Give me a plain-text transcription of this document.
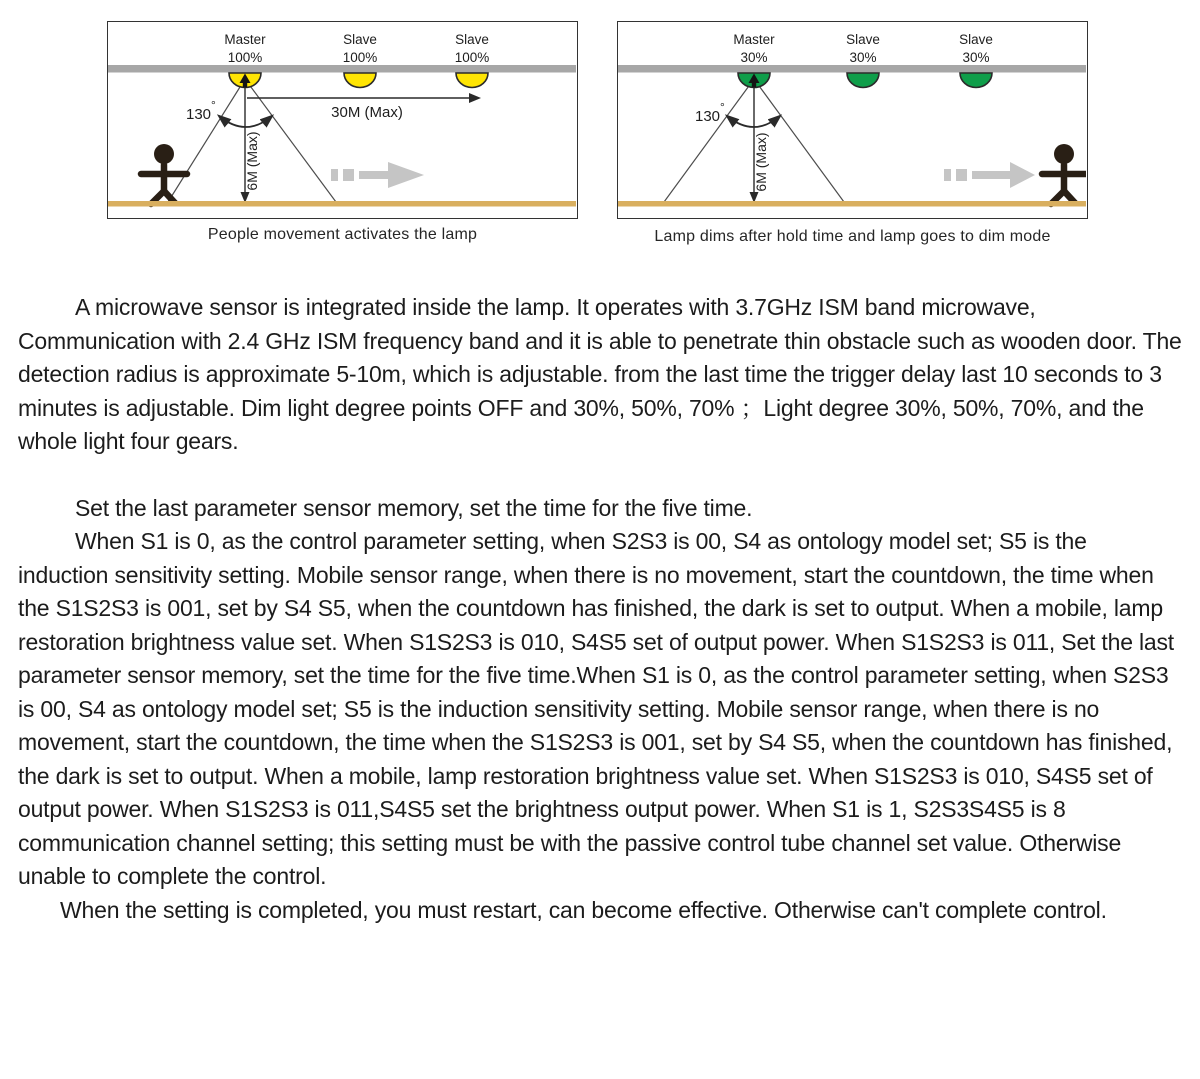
Master
100%
Slave
100%
Slave
100%
130
°	30M (Max)
6M (Max)
Master
30%
Slave
30%
Slave
30%
130
°
6M (Max)
People movement activates the lamp	Lamp dims after hold time and lamp goes to dim mode

A microwave sensor is integrated inside the lamp. It operates with 3.7GHz ISM band microwave, Communication with 2.4 GHz ISM frequency band and it is able to penetrate thin obstacle such as wooden door. The detection radius is approximate 5-10m, which is adjustable. from the last time the trigger delay last 10 seconds to 3 minutes is adjustable. Dim light degree points OFF and 30%, 50%, 70% ；Light degree 30%, 50%, 70%, and the whole light four gears.

Set the last parameter sensor memory, set the time for the five time.

When S1 is 0, as the control parameter setting, when S2S3 is 00, S4 as ontology model set; S5 is the induction sensitivity setting. Mobile sensor range, when there is no movement, start the countdown, the time when the S1S2S3 is 001, set by S4 S5, when the countdown has finished, the dark is set to output. When a mobile, lamp restoration brightness value set. When S1S2S3 is 010, S4S5 set of output power. When S1S2S3 is 011, Set the last parameter sensor memory, set the time for the five time.When S1 is 0, as the control parameter setting, when S2S3 is 00, S4 as ontology model set; S5 is the induction sensitivity setting. Mobile sensor range, when there is no movement, start the countdown, the time when the S1S2S3 is 001, set by S4 S5, when the countdown has finished, the dark is set to output. When a mobile, lamp restoration brightness value set. When S1S2S3 is 010, S4S5 set of output power. When S1S2S3 is 011,S4S5 set the brightness output power. When S1 is 1, S2S3S4S5 is 8 communication channel setting; this setting must be with the passive control tube channel set value. Otherwise unable to complete the control.

When the setting is completed, you must restart, can become effective. Otherwise can't complete control.
